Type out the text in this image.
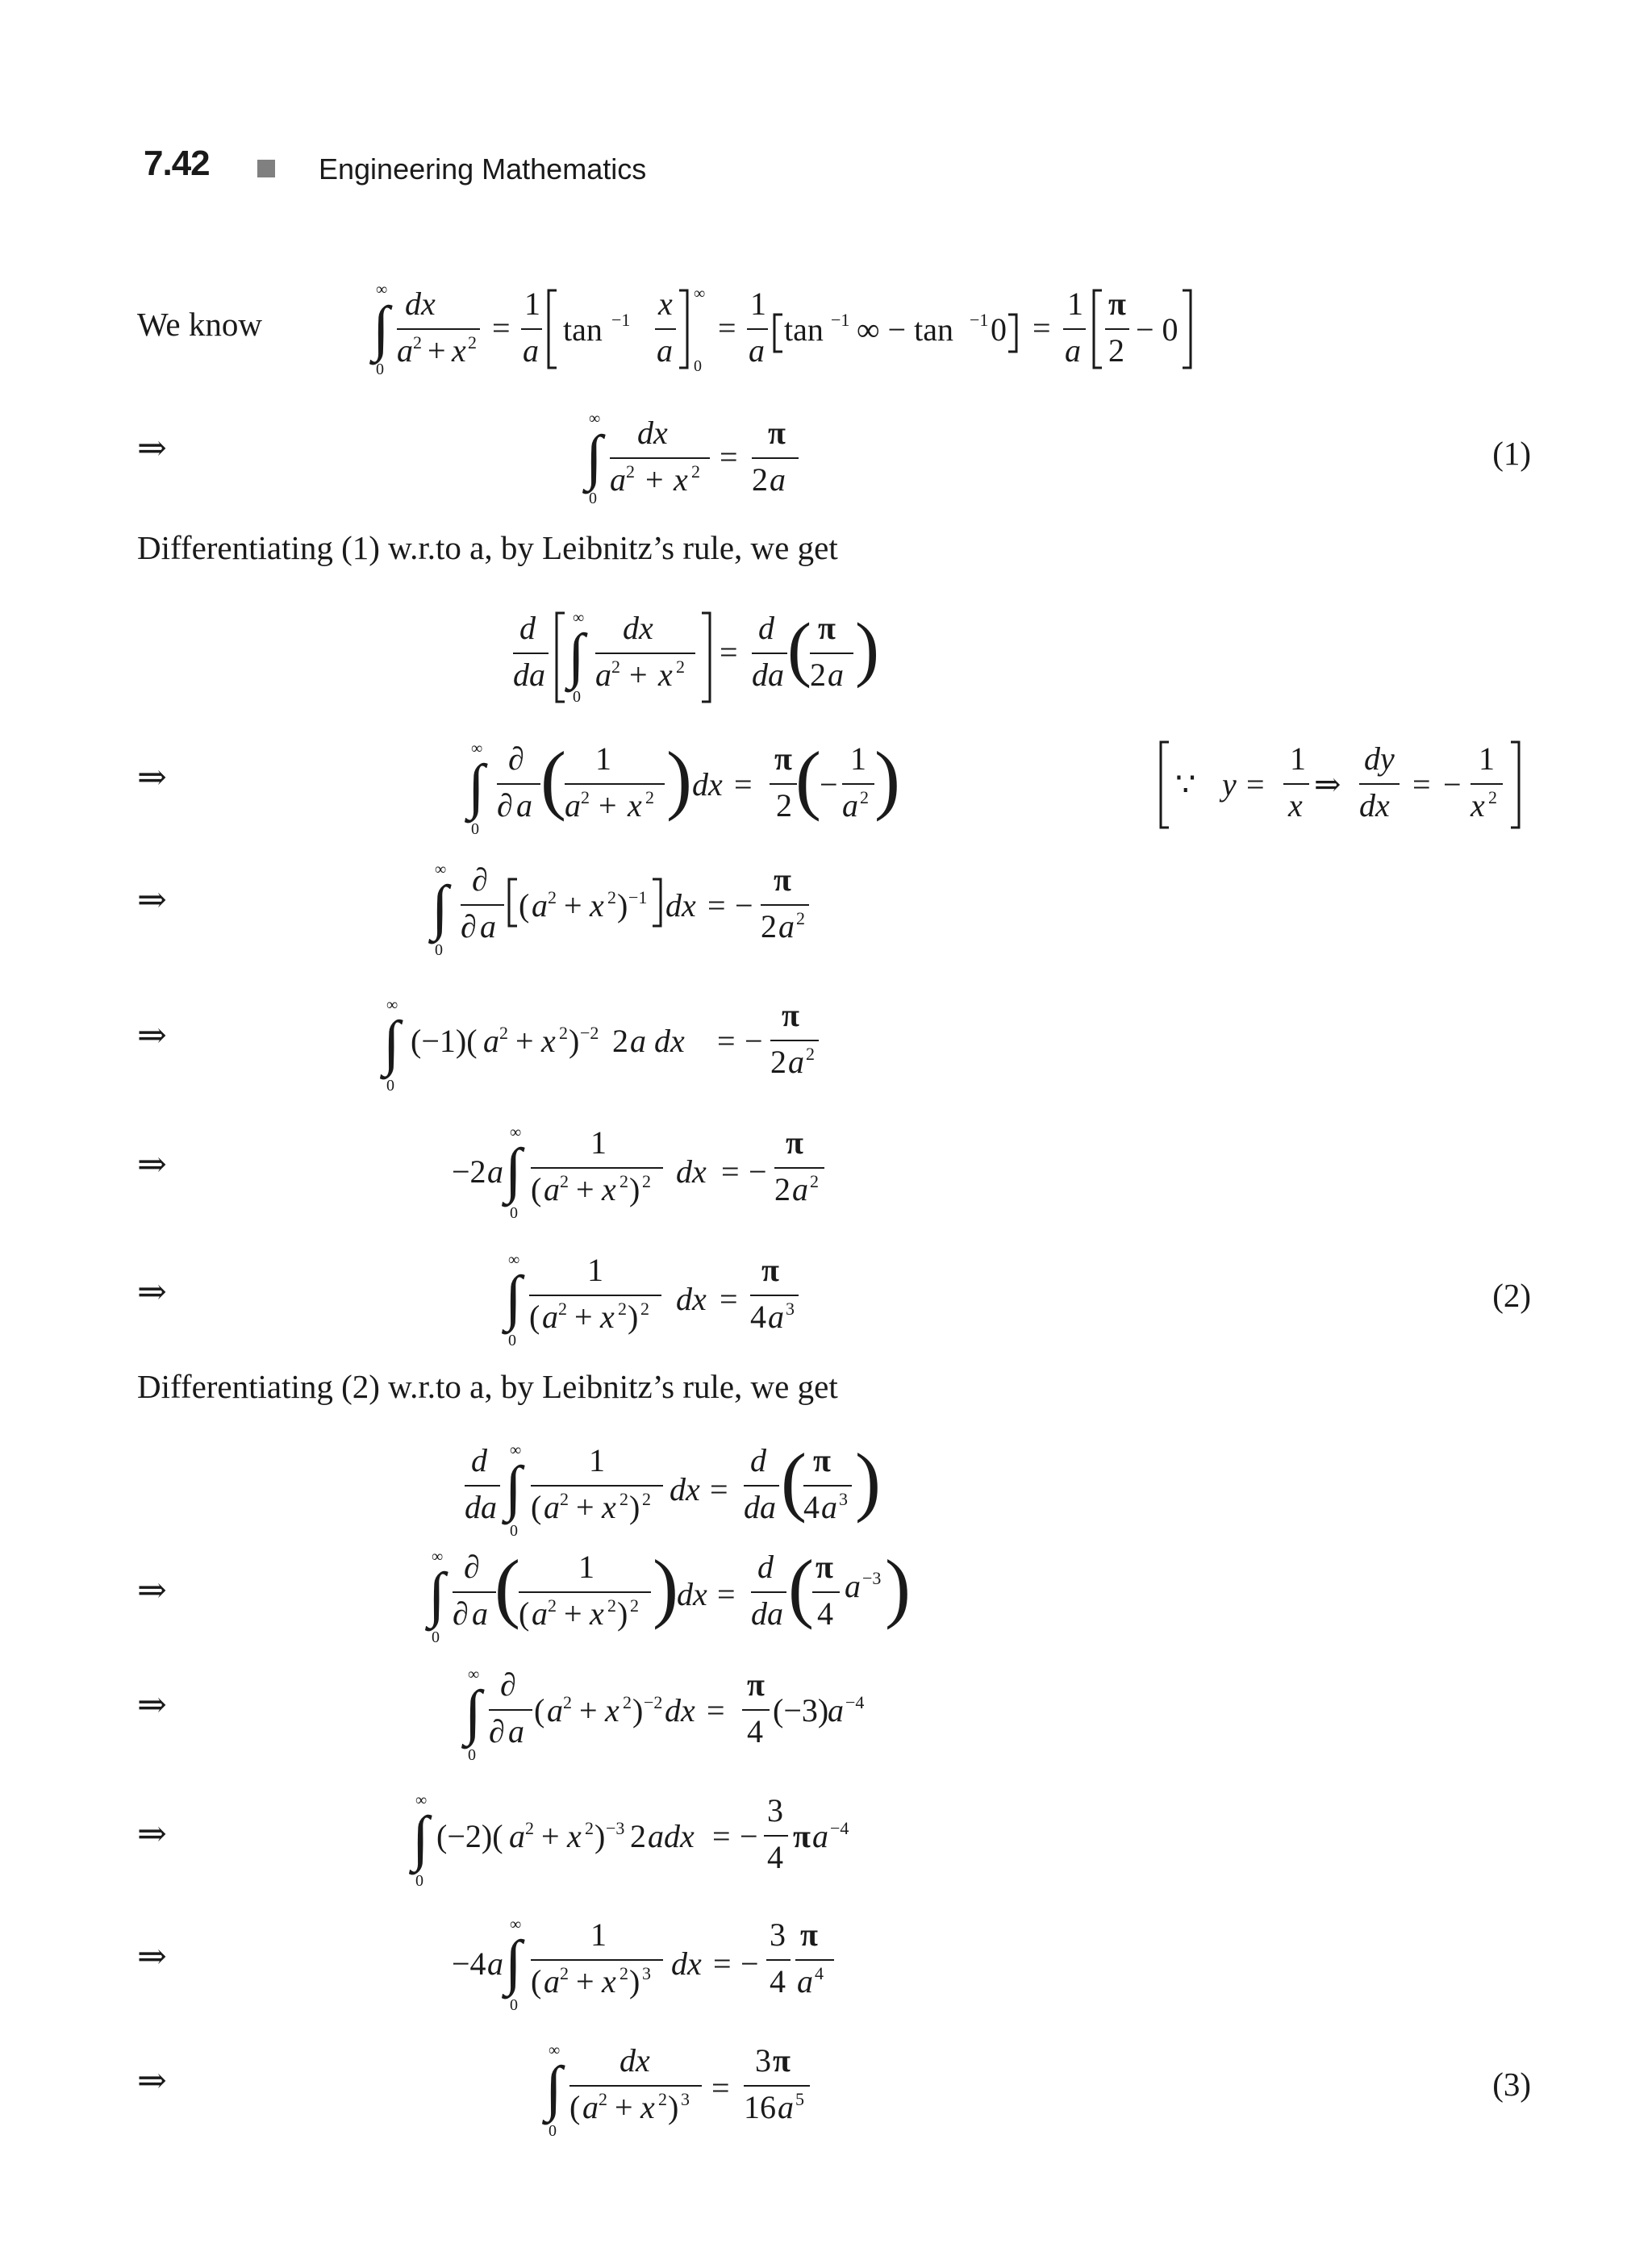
7.42	Engineering Mathematics
We know
∞
∫
0
dx
a 2 + x 2 =
1
a
tan −1 x
a
∞
0
=
1
a
tan −1 ∞ − tan −1 0 =
1
a
π
2
− 0
⇒
∞
∫
0
dx
a 2 + x 2 =
π
2 a
(1)
Differentiating (1) w.r.to a, by Leibnitz’s rule, we get
d
da
∞
∫
0
dx
a 2 + x 2 =
d
da ( π
2 a )
⇒
∞
∫
0
∂
∂ a ( 1
a 2 + x 2 ) dx =
π
2 (
−
1
a 2 )	∵ y =
1
x
⇒
dy
dx
= −
1
x 2
⇒
∞
∫
0
∂
∂ a
( a 2 + x 2 ) −1 dx = −
π
2 a 2
⇒
∞
∫
0
(−1)( a 2 + x 2 ) −2 2 a dx = −
π
2 a 2
⇒	−2 a
∞
∫
0
1
( a 2 + x 2 ) 2 dx = −
π
2 a 2
⇒
∞
∫
0
1
( a 2 + x 2 ) 2 dx =
π
4 a 3	(2)
Differentiating (2) w.r.to a, by Leibnitz’s rule, we get
d
da
∞
∫
0
1
( a 2 + x 2 ) 2 dx =
d
da ( π
4 a 3 )
⇒
∞
∫
0
∂
∂ a ( 1
( a 2 + x 2 ) 2 )
dx =
d
da ( π
4
a −3 )
⇒
∞
∫
0
∂
∂ a
( a 2 + x 2 ) −2 dx =
π
4
(−3)
a −4
⇒
∞
∫
0
(−2)( a 2 + x 2 ) −3 2 adx = −
3
4
π a −4
⇒	−4 a
∞
∫
0
1
( a 2 + x 2 ) 3 dx = −
3
4
π
a 4
⇒
∞
∫
0
dx
( a 2 + x 2 ) 3 =
3 π
16 a 5	(3)
